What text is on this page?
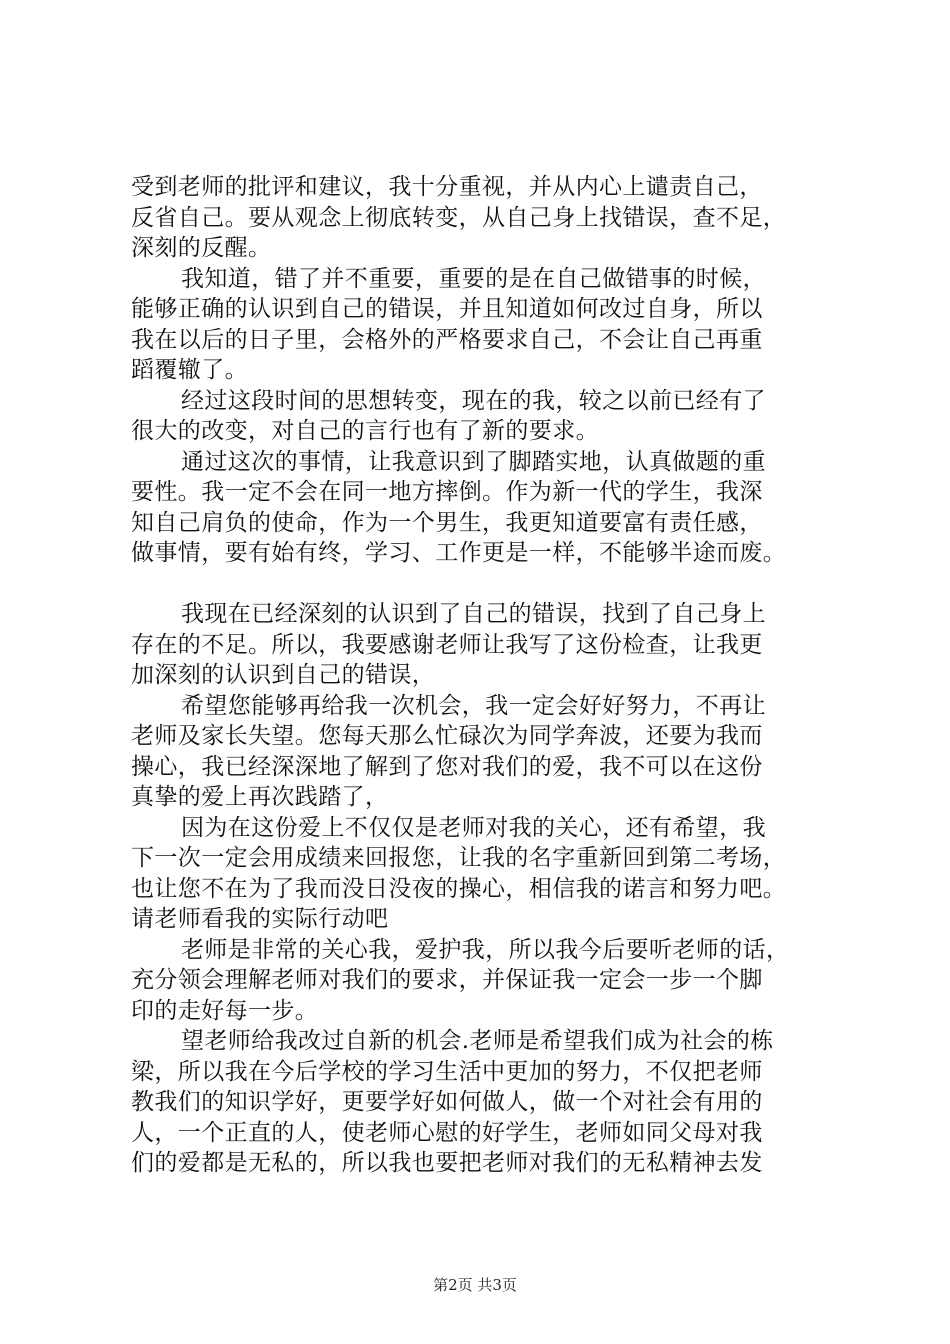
受到老师的批评和建议，我十分重视，并从内心上谴责自己，
反省自己。要从观念上彻底转变，从自己身上找错误，查不足，
深刻的反醒。
我知道，错了并不重要，重要的是在自己做错事的时候，
能够正确的认识到自己的错误，并且知道如何改过自身，所以
我在以后的日子里，会格外的严格要求自己，不会让自己再重
蹈覆辙了。
经过这段时间的思想转变，现在的我，较之以前已经有了
很大的改变，对自己的言行也有了新的要求。
通过这次的事情，让我意识到了脚踏实地，认真做题的重
要性。我一定不会在同一地方摔倒。作为新一代的学生，我深
知自己肩负的使命，作为一个男生，我更知道要富有责任感，
做事情，要有始有终，学习、工作更是一样，不能够半途而废。
我现在已经深刻的认识到了自己的错误，找到了自己身上
存在的不足。所以，我要感谢老师让我写了这份检查，让我更
加深刻的认识到自己的错误，
希望您能够再给我一次机会，我一定会好好努力，不再让
老师及家长失望。您每天那么忙碌次为同学奔波，还要为我而
操心，我已经深深地了解到了您对我们的爱，我不可以在这份
真挚的爱上再次践踏了，
因为在这份爱上不仅仅是老师对我的关心，还有希望，我
下一次一定会用成绩来回报您，让我的名字重新回到第二考场，
也让您不在为了我而没日没夜的操心，相信我的诺言和努力吧。
请老师看我的实际行动吧
老师是非常的关心我，爱护我，所以我今后要听老师的话，
充分领会理解老师对我们的要求，并保证我一定会一步一个脚
印的走好每一步。
望老师给我改过自新的机会.老师是希望我们成为社会的栋
梁，所以我在今后学校的学习生活中更加的努力，不仅把老师
教我们的知识学好，更要学好如何做人，做一个对社会有用的
人，一个正直的人，使老师心慰的好学生，老师如同父母对我
们的爱都是无私的，所以我也要把老师对我们的无私精神去发
第2页 共3页
